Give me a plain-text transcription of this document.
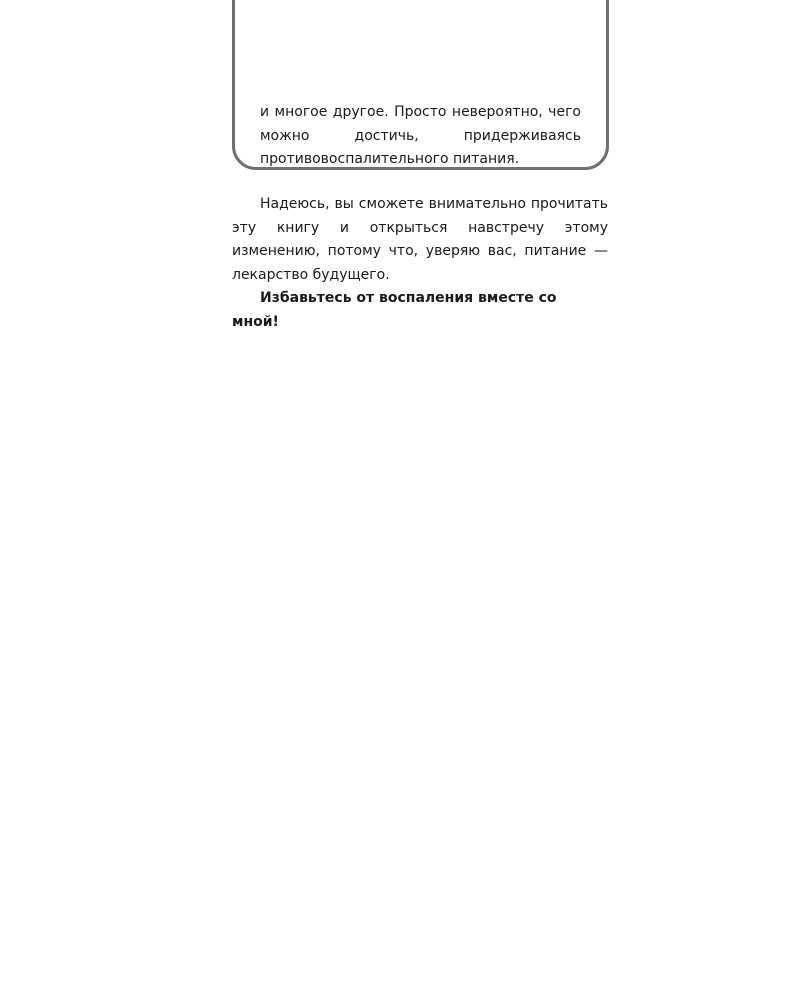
и многое другое. Просто невероятно, чего можно достичь, придерживаясь противовоспалительного питания.

Надеюсь, вы сможете внимательно прочитать эту книгу и открыться навстречу этому изменению, потому что, уверяю вас, питание — лекарство будущего.

Избавьтесь от воспаления вместе со мной!
